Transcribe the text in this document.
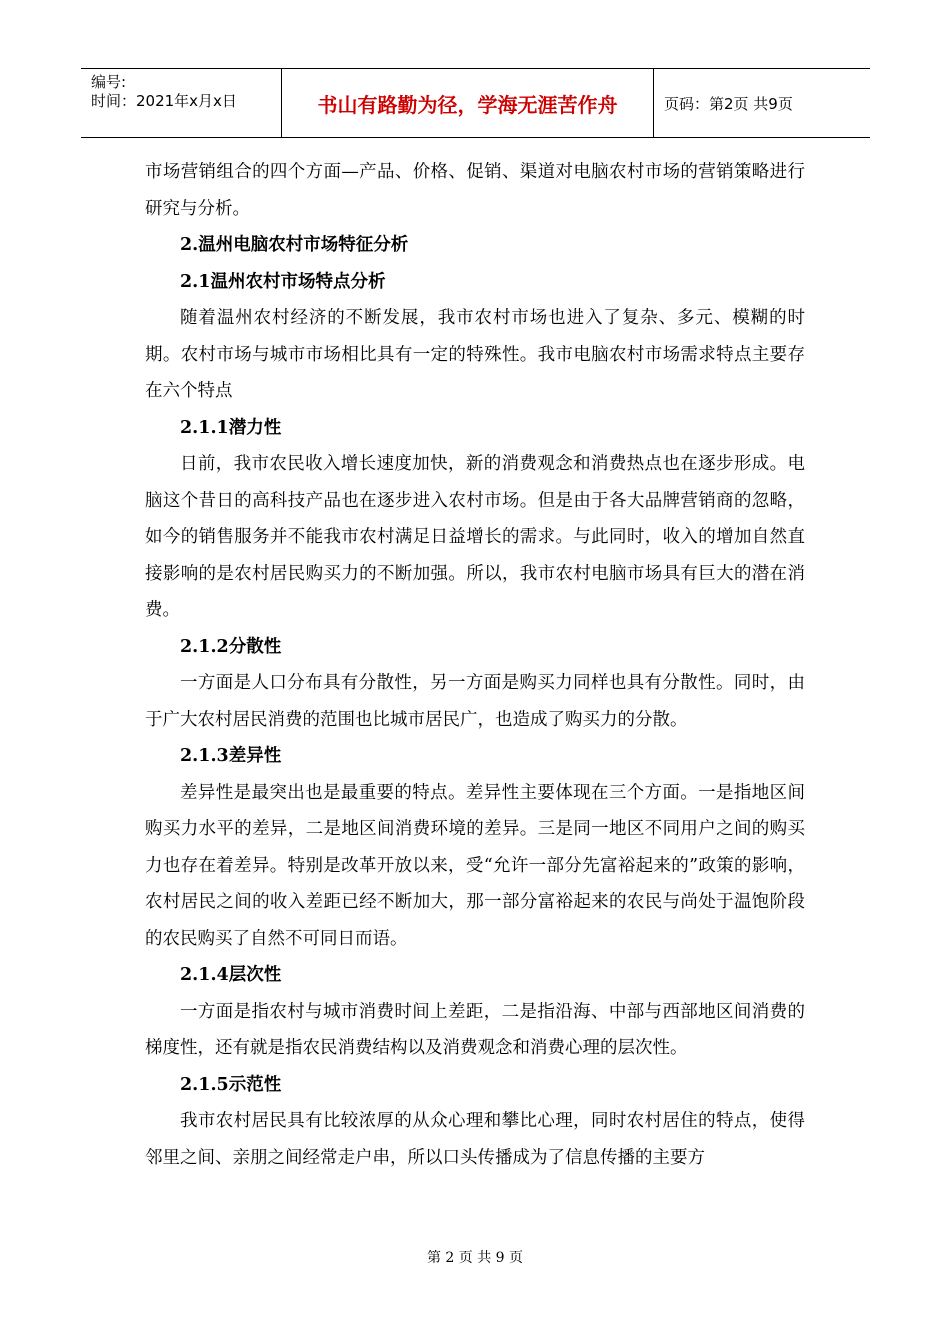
编号:
时间：2021年x月x日	书山有路勤为径，学海无涯苦作舟	页码：第2页 共9页

市场营销组合的四个方面—产品、价格、促销、渠道对电脑农村市场的营销策略进行研究与分析。

2.温州电脑农村市场特征分析

2.1温州农村市场特点分析

随着温州农村经济的不断发展，我市农村市场也进入了复杂、多元、模糊的时期。农村市场与城市市场相比具有一定的特殊性。我市电脑农村市场需求特点主要存在六个特点

2.1.1潜力性

日前，我市农民收入增长速度加快，新的消费观念和消费热点也在逐步形成。电脑这个昔日的高科技产品也在逐步进入农村市场。但是由于各大品牌营销商的忽略，如今的销售服务并不能我市农村满足日益增长的需求。与此同时，收入的增加自然直接影响的是农村居民购买力的不断加强。所以，我市农村电脑市场具有巨大的潜在消费。

2.1.2分散性

一方面是人口分布具有分散性，另一方面是购买力同样也具有分散性。同时，由于广大农村居民消费的范围也比城市居民广，也造成了购买力的分散。

2.1.3差异性

差异性是最突出也是最重要的特点。差异性主要体现在三个方面。一是指地区间购买力水平的差异，二是地区间消费环境的差异。三是同一地区不同用户之间的购买力也存在着差异。特别是改革开放以来，受“允许一部分先富裕起来的”政策的影响，农村居民之间的收入差距已经不断加大，那一部分富裕起来的农民与尚处于温饱阶段的农民购买了自然不可同日而语。

2.1.4层次性

一方面是指农村与城市消费时间上差距，二是指沿海、中部与西部地区间消费的梯度性，还有就是指农民消费结构以及消费观念和消费心理的层次性。

2.1.5示范性

我市农村居民具有比较浓厚的从众心理和攀比心理，同时农村居住的特点，使得邻里之间、亲朋之间经常走户串，所以口头传播成为了信息传播的主要方

第 2 页 共 9 页
